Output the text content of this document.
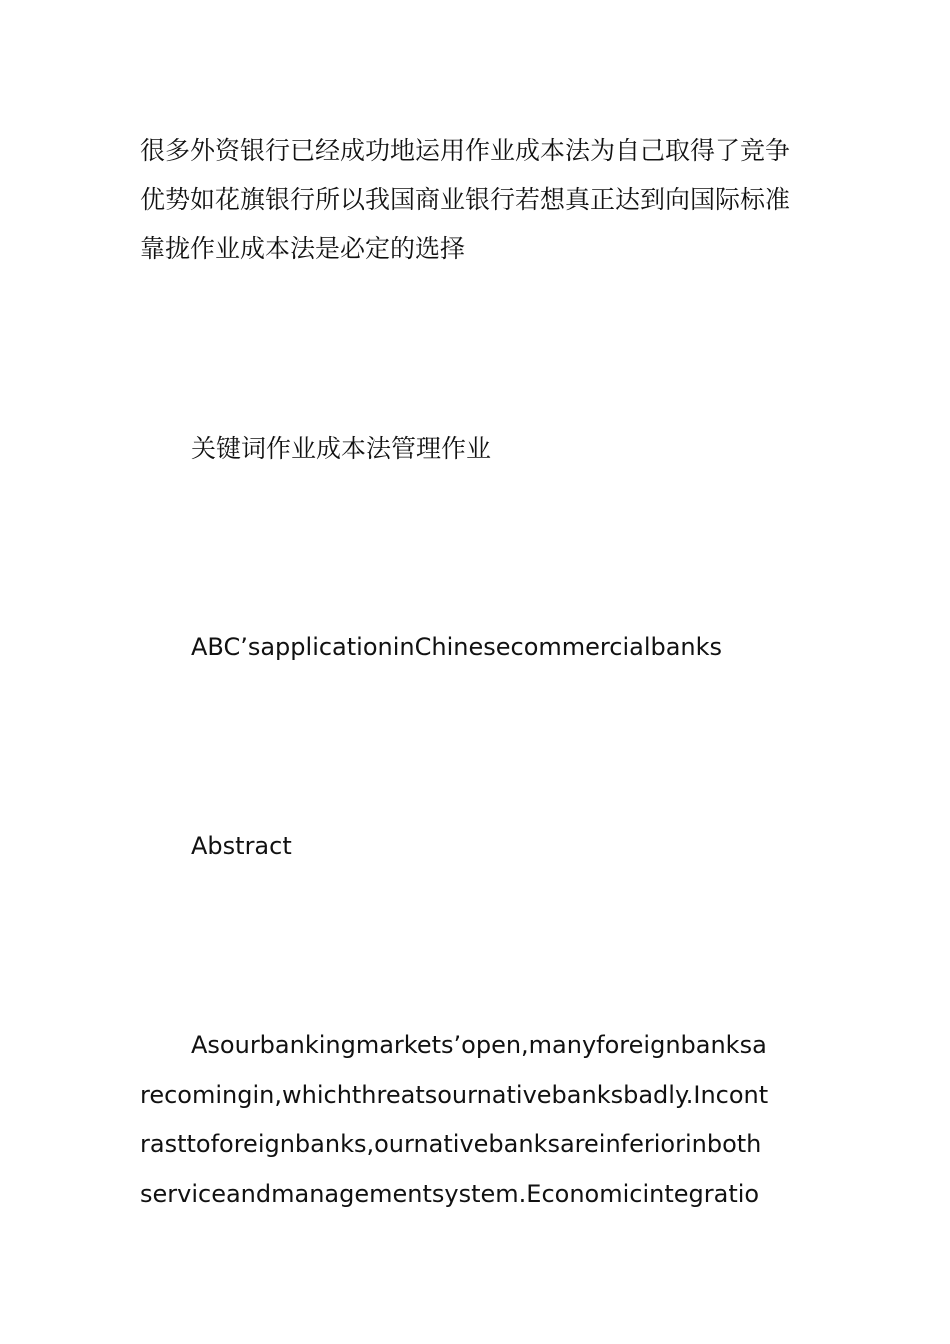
很多外资银行已经成功地运用作业成本法为自己取得了竞争
优势如花旗银行所以我国商业银行若想真正达到向国际标准
靠拢作业成本法是必定的选择
关键词作业成本法管理作业
ABC’sapplicationinChinesecommercialbanks
Abstract
Asourbankingmarkets’open,manyforeignbanksa
recomingin,whichthreatsournativebanksbadly.Incont
rasttoforeignbanks,ournativebanksareinferiorinboth
serviceandmanagementsystem.Economicintegratio
